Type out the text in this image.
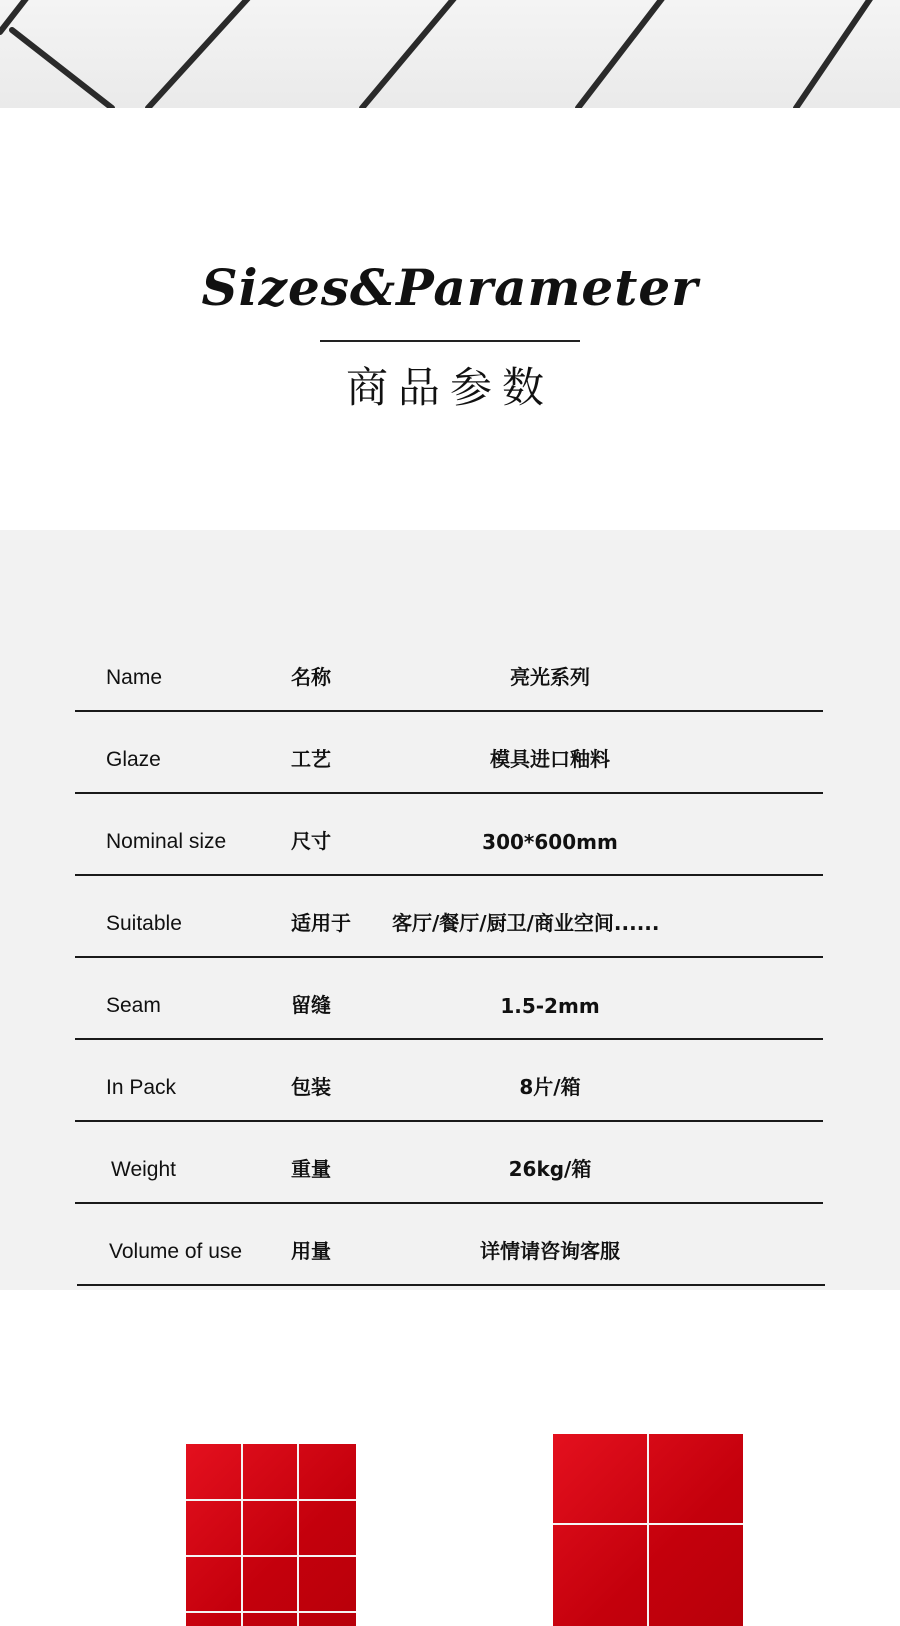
Sizes&Parameter
商品参数
Name	名称	亮光系列
Glaze	工艺	模具进口釉料
Nominal size	尺寸	300*600mm
Suitable	适用于	客厅/餐厅/厨卫/商业空间......
Seam	留缝	1.5-2mm
In Pack	包装	8片/箱
Weight	重量	26kg/箱
Volume of use 用量	详情请咨询客服
